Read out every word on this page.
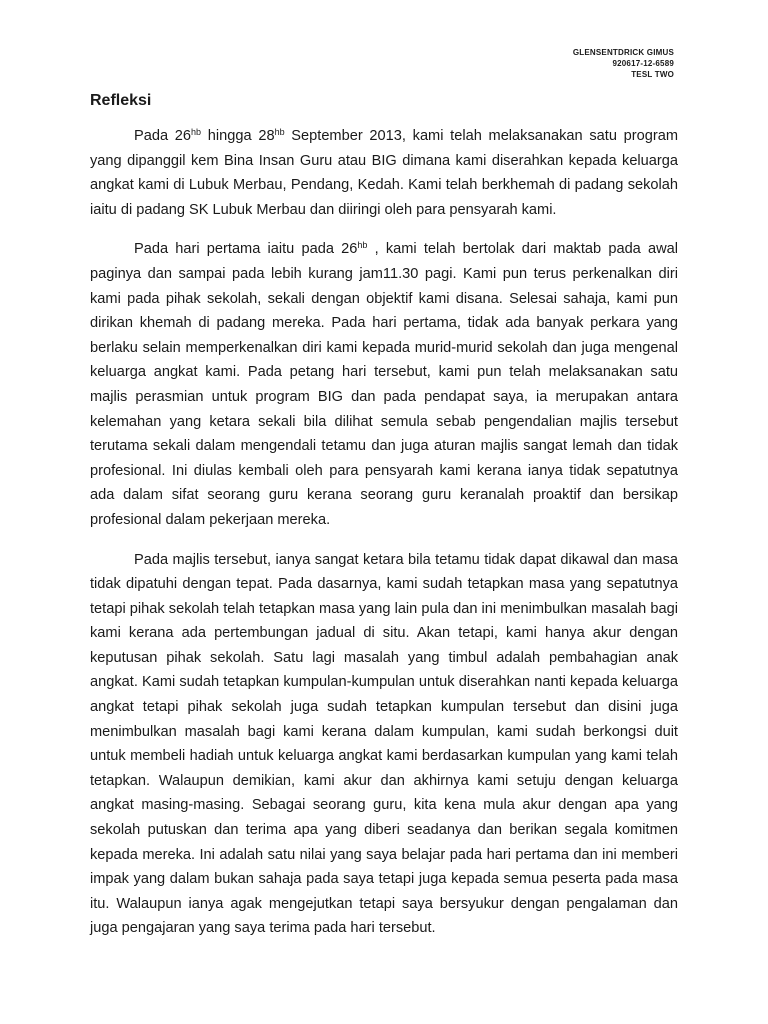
GLENSENTDRICK GIMUS
920617-12-6589
TESL TWO
Refleksi

Pada $26^{hb}$ hingga $28^{hb}$ September 2013, kami telah melaksanakan satu program yang dipanggil kem Bina Insan Guru atau BIG dimana kami diserahkan kepada keluarga angkat kami di Lubuk Merbau, Pendang, Kedah. Kami telah berkhemah di padang sekolah iaitu di padang SK Lubuk Merbau dan diiringi oleh para pensyarah kami.

Pada hari pertama iaitu pada $26^{hb}$ , kami telah bertolak dari maktab pada awal paginya dan sampai pada lebih kurang jam11.30 pagi. Kami pun terus perkenalkan diri kami pada pihak sekolah, sekali dengan objektif kami disana. Selesai sahaja, kami pun dirikan khemah di padang mereka. Pada hari pertama, tidak ada banyak perkara yang berlaku selain memperkenalkan diri kami kepada murid-murid sekolah dan juga mengenal keluarga angkat kami. Pada petang hari tersebut, kami pun telah melaksanakan satu majlis perasmian untuk program BIG dan pada pendapat saya, ia merupakan antara kelemahan yang ketara sekali bila dilihat semula sebab pengendalian majlis tersebut terutama sekali dalam mengendali tetamu dan juga aturan majlis sangat lemah dan tidak profesional. Ini diulas kembali oleh para pensyarah kami kerana ianya tidak sepatutnya ada dalam sifat seorang guru kerana seorang guru keranalah proaktif dan bersikap profesional dalam pekerjaan mereka.

Pada majlis tersebut, ianya sangat ketara bila tetamu tidak dapat dikawal dan masa tidak dipatuhi dengan tepat. Pada dasarnya, kami sudah tetapkan masa yang sepatutnya tetapi pihak sekolah telah tetapkan masa yang lain pula dan ini menimbulkan masalah bagi kami kerana ada pertembungan jadual di situ. Akan tetapi, kami hanya akur dengan keputusan pihak sekolah. Satu lagi masalah yang timbul adalah pembahagian anak angkat. Kami sudah tetapkan kumpulan-kumpulan untuk diserahkan nanti kepada keluarga angkat tetapi pihak sekolah juga sudah tetapkan kumpulan tersebut dan disini juga menimbulkan masalah bagi kami kerana dalam kumpulan, kami sudah berkongsi duit untuk membeli hadiah untuk keluarga angkat kami berdasarkan kumpulan yang kami telah tetapkan. Walaupun demikian, kami akur dan akhirnya kami setuju dengan keluarga angkat masing-masing. Sebagai seorang guru, kita kena mula akur dengan apa yang sekolah putuskan dan terima apa yang diberi seadanya dan berikan segala komitmen kepada mereka. Ini adalah satu nilai yang saya belajar pada hari pertama dan ini memberi impak yang dalam bukan sahaja pada saya tetapi juga kepada semua peserta pada masa itu. Walaupun ianya agak mengejutkan tetapi saya bersyukur dengan pengalaman dan juga pengajaran yang saya terima pada hari tersebut.
